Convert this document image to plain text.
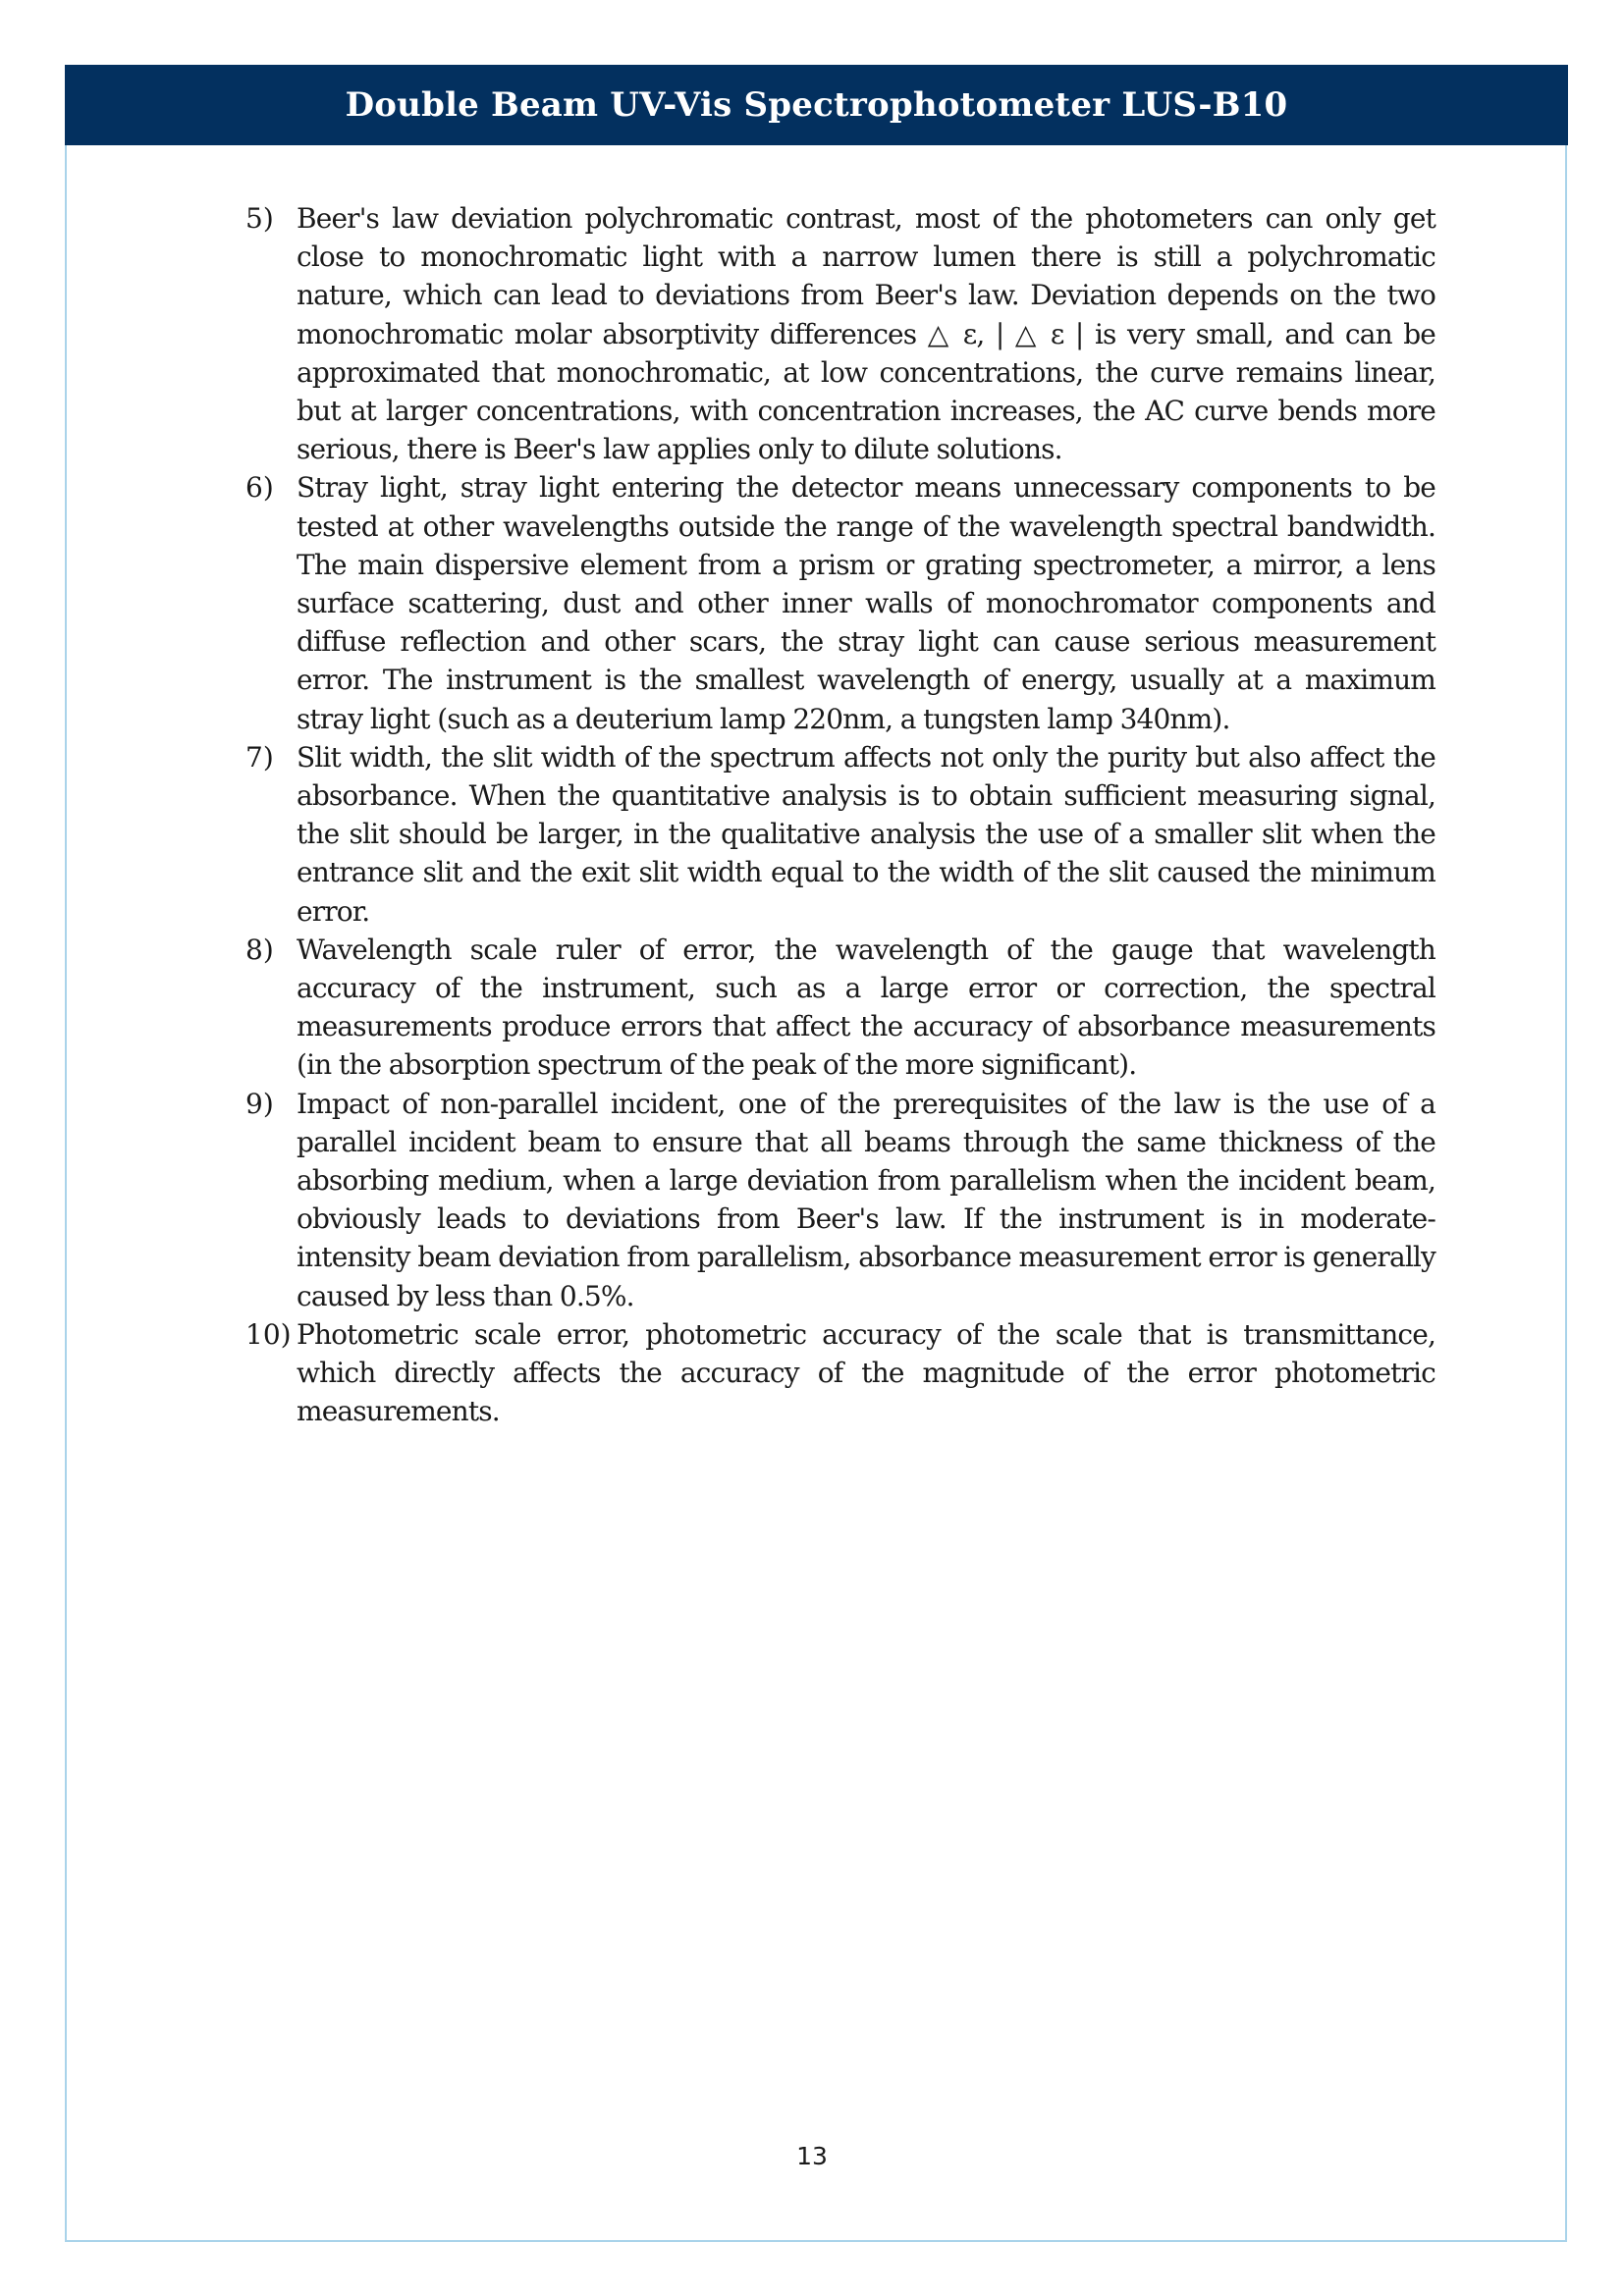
Double Beam UV-Vis Spectrophotometer LUS-B10
5) Beer's law deviation polychromatic contrast, most of the photometers can only get close to monochromatic light with a narrow lumen there is still a polychromatic nature, which can lead to deviations from Beer's law. Deviation depends on the two monochromatic molar absorptivity differences △ ε, | △ ε | is very small, and can be approximated that monochromatic, at low concentrations, the curve remains linear, but at larger concentrations, with concentration increases, the AC curve bends more serious, there is Beer's law applies only to dilute solutions.
6) Stray light, stray light entering the detector means unnecessary components to be tested at other wavelengths outside the range of the wavelength spectral bandwidth. The main dispersive element from a prism or grating spectrometer, a mirror, a lens surface scattering, dust and other inner walls of monochromator components and diffuse reflection and other scars, the stray light can cause serious measurement error. The instrument is the smallest wavelength of energy, usually at a maximum stray light (such as a deuterium lamp 220nm, a tungsten lamp 340nm).
7) Slit width, the slit width of the spectrum affects not only the purity but also affect the absorbance. When the quantitative analysis is to obtain sufficient measuring signal, the slit should be larger, in the qualitative analysis the use of a smaller slit when the entrance slit and the exit slit width equal to the width of the slit caused the minimum error.
8) Wavelength scale ruler of error, the wavelength of the gauge that wavelength accuracy of the instrument, such as a large error or correction, the spectral measurements produce errors that affect the accuracy of absorbance measurements (in the absorption spectrum of the peak of the more significant).
9) Impact of non-parallel incident, one of the prerequisites of the law is the use of a parallel incident beam to ensure that all beams through the same thickness of the absorbing medium, when a large deviation from parallelism when the incident beam, obviously leads to deviations from Beer's law. If the instrument is in moderate-intensity beam deviation from parallelism, absorbance measurement error is generally caused by less than 0.5%.
10) Photometric scale error, photometric accuracy of the scale that is transmittance, which directly affects the accuracy of the magnitude of the error photometric measurements.
13
